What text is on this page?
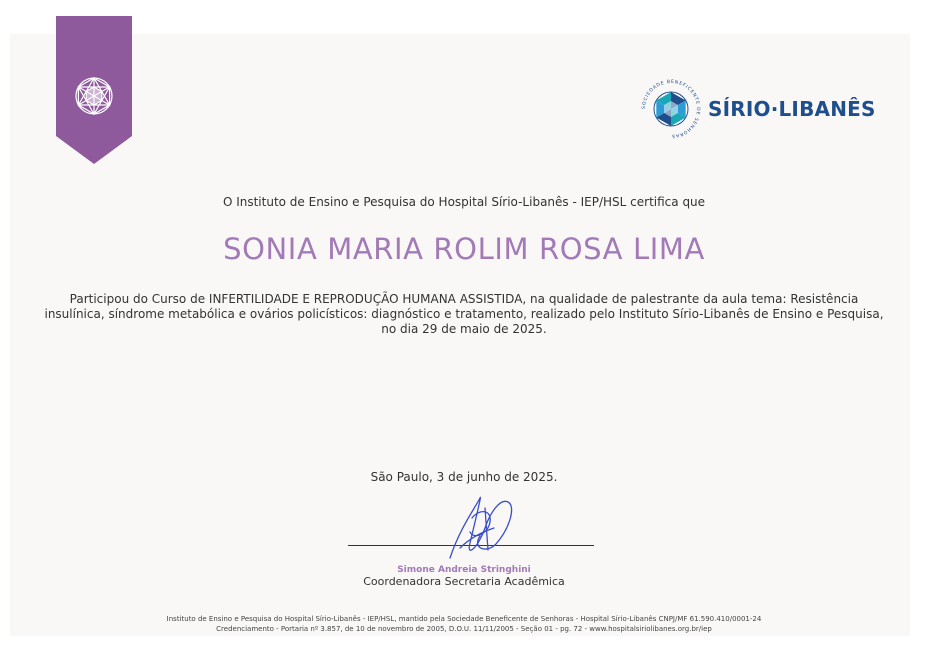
SOCIEDADE BENEFICENTE DE SENHORAS
SÍRIO·LIBANÊS
O Instituto de Ensino e Pesquisa do Hospital Sírio-Libanês - IEP/HSL certifica que
SONIA MARIA ROLIM ROSA LIMA
Participou do Curso de INFERTILIDADE E REPRODUÇÃO HUMANA ASSISTIDA, na qualidade de palestrante da aula tema: Resistência insulínica, síndrome metabólica e ovários policísticos: diagnóstico e tratamento, realizado pelo Instituto Sírio-Libanês de Ensino e Pesquisa, no dia 29 de maio de 2025.
São Paulo, 3 de junho de 2025.
Simone Andreia Stringhini
Coordenadora Secretaria Acadêmica
Instituto de Ensino e Pesquisa do Hospital Sírio-Libanês - IEP/HSL, mantido pela Sociedade Beneficente de Senhoras - Hospital Sírio-Libanês CNPJ/MF 61.590.410/0001-24
Credenciamento - Portaria nº 3.857, de 10 de novembro de 2005, D.O.U. 11/11/2005 - Seção 01 - pg. 72 - www.hospitalsiriolibanes.org.br/iep
